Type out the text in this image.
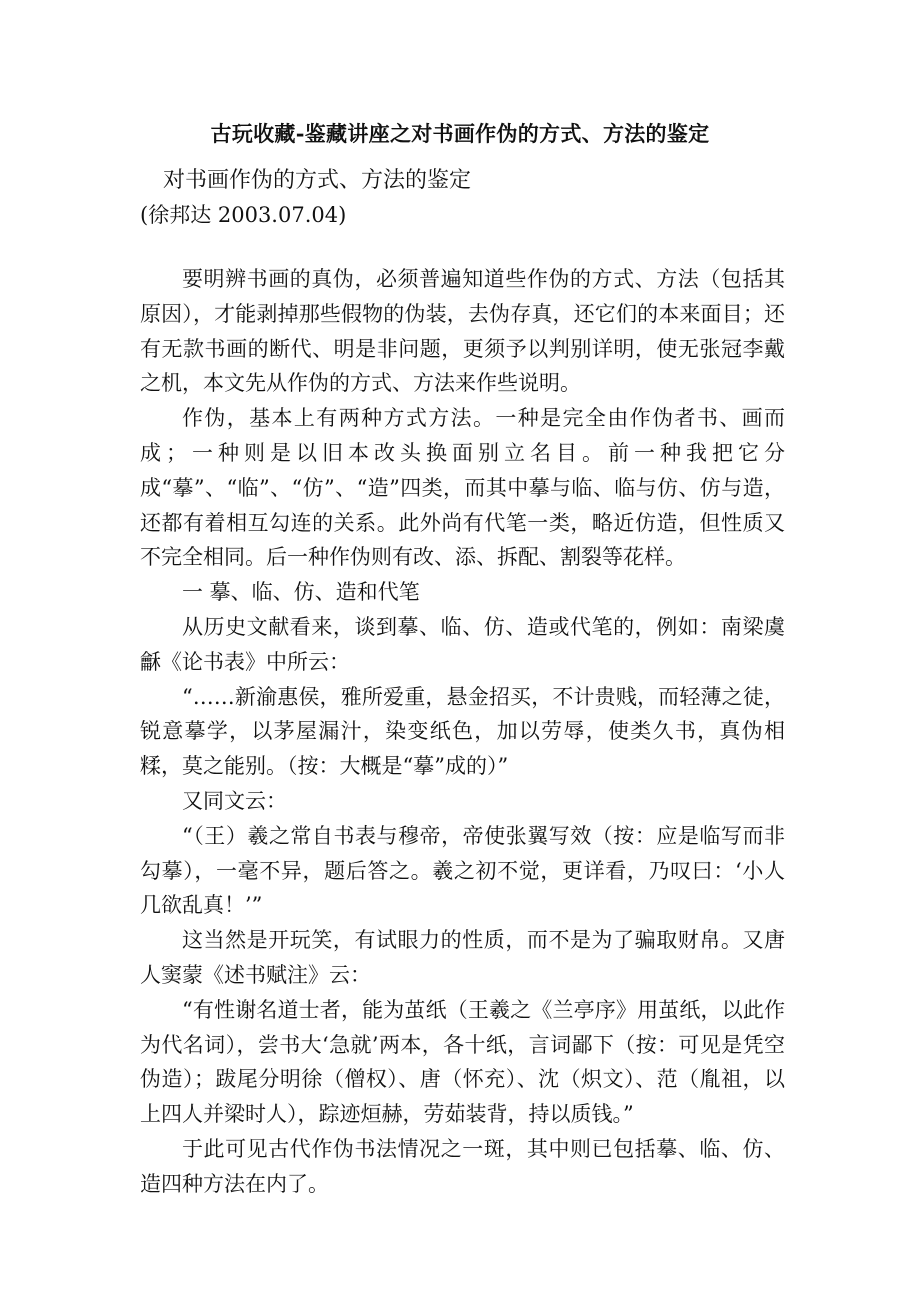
古玩收藏-鉴藏讲座之对书画作伪的方式、方法的鉴定
对书画作伪的方式、方法的鉴定
(徐邦达 2003.07.04)

要明辨书画的真伪，必须普遍知道些作伪的方式、方法（包括其原因），才能剥掉那些假物的伪装，去伪存真，还它们的本来面目；还有无款书画的断代、明是非问题，更须予以判别详明，使无张冠李戴之机，本文先从作伪的方式、方法来作些说明。

作伪，基本上有两种方式方法。一种是完全由作伪者书、画而成；一种则是以旧本改头换面别立名目。前一种我把它分成“摹”、“临”、“仿”、“造”四类，而其中摹与临、临与仿、仿与造，还都有着相互勾连的关系。此外尚有代笔一类，略近仿造，但性质又不完全相同。后一种作伪则有改、添、拆配、割裂等花样。

一 摹、临、仿、造和代笔

从历史文献看来，谈到摹、临、仿、造或代笔的，例如：南梁虞龢《论书表》中所云：

“……新渝惠侯，雅所爱重，悬金招买，不计贵贱，而轻薄之徒，锐意摹学，以茅屋漏汁，染变纸色，加以劳辱，使类久书，真伪相糅，莫之能别。（按：大概是“摹”成的）”

又同文云：

“（王）羲之常自书表与穆帝，帝使张翼写效（按：应是临写而非勾摹），一毫不异，题后答之。羲之初不觉，更详看，乃叹曰：‘小人几欲乱真！’”

这当然是开玩笑，有试眼力的性质，而不是为了骗取财帛。又唐人窦蒙《述书赋注》云：

“有性谢名道士者，能为茧纸（王羲之《兰亭序》用茧纸，以此作为代名词），尝书大‘急就’两本，各十纸，言词鄙下（按：可见是凭空伪造）；跋尾分明徐（僧权）、唐（怀充）、沈（炽文）、范（胤祖，以上四人并梁时人），踪迹烜赫，劳茹装背，持以质钱。”

于此可见古代作伪书法情况之一斑，其中则已包括摹、临、仿、造四种方法在内了。
